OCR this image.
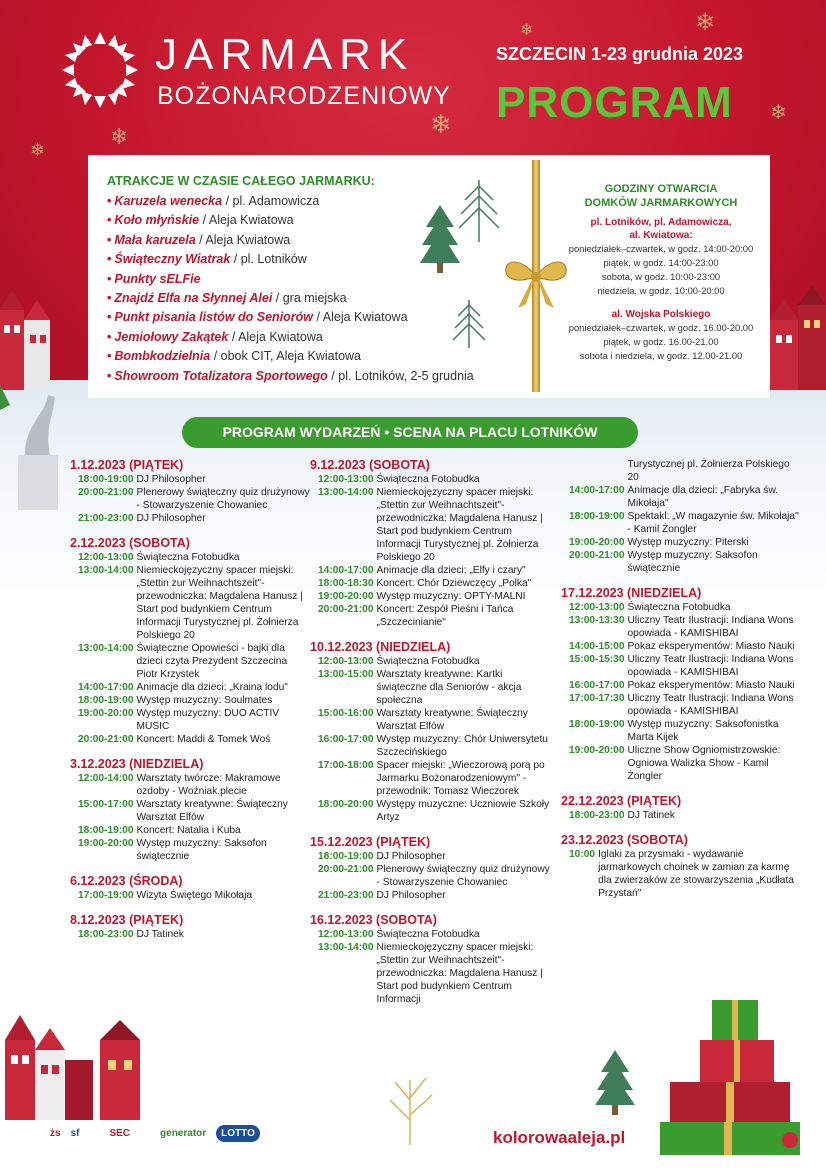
❄
❄
❄
❄
❄
❄
JARMARK
BOŻONARODZENIOWY
SZCZECIN 1-23 grudnia 2023
PROGRAM
ATRAKCJE W CZASIE CAŁEGO JARMARKU:
• Karuzela wenecka / pl. Adamowicza
• Koło młyńskie / Aleja Kwiatowa
• Mała karuzela / Aleja Kwiatowa
• Świąteczny Wiatrak / pl. Lotników
• Punkty sELFie
• Znajdź Elfa na Słynnej Alei / gra miejska
• Punkt pisania listów do Seniorów / Aleja Kwiatowa
• Jemiołowy Zakątek / Aleja Kwiatowa
• Bombkodzielnia / obok CIT, Aleja Kwiatowa
• Showroom Totalizatora Sportowego / pl. Lotników, 2-5 grudnia
GODZINY OTWARCIA
DOMKÓW JARMARKOWYCH
pl. Lotników, pl. Adamowicza,
al. Kwiatowa:
poniedziałek–czwartek, w godz. 14:00-20:00
piątek, w godz. 14:00-23:00
sobota, w godz. 10:00-23:00
niedziela, w godz. 10:00-20:00
al. Wojska Polskiego
poniedziałek–czwartek, w godz. 16.00-20.00
piątek, w godz. 16.00-21.00
sobota i niedziela, w godz. 12.00-21.00
PROGRAM WYDARZEŃ • SCENA NA PLACU LOTNIKÓW
1.12.2023 (PIĄTEK)
18:00-19:00 DJ Philosopher
20:00-21:00 Plenerowy świąteczny quiz drużynowy - Stowarzyszenie Chowaniec
21:00-23:00 DJ Philosopher
2.12.2023 (SOBOTA)
12:00-13:00 Świąteczna Fotobudka
13:00-14:00 Niemieckojęzyczny spacer miejski: „Stettin zur Weihnachtszeit"- przewodniczka: Magdalena Hanusz | Start pod budynkiem Centrum Informacji Turystycznej pl. Żołnierza Polskiego 20
13:00-14:00 Świąteczne Opowieści - bajki dla dzieci czyta Prezydent Szczecina Piotr Krzystek
14:00-17:00 Animacje dla dzieci: „Kraina lodu"
18:00-19:00 Występ muzyczny: Soulmates
19:00-20:00 Występ muzyczny: DUO ACTIV MUSIC
20:00-21:00 Koncert: Maddi & Tomek Woś
3.12.2023 (NIEDZIELA)
12:00-14:00 Warsztaty twórcze: Makramowe ozdoby - Woźniak.plecie
15:00-17:00 Warsztaty kreatywne: Świąteczny Warsztat Elfów
18:00-19:00 Koncert: Natalia i Kuba
19:00-20:00 Występ muzyczny: Saksofon świątecznie
6.12.2023 (ŚRODA)
17:00-19:00 Wizyta Świętego Mikołaja
8.12.2023 (PIĄTEK)
18:00-23:00 DJ Tatinek
9.12.2023 (SOBOTA)
12:00-13:00 Świąteczna Fotobudka
13:00-14:00 Niemieckojęzyczny spacer miejski: „Stettin zur Weihnachtszeit"- przewodniczka: Magdalena Hanusz | Start pod budynkiem Centrum Informacji Turystycznej pl. Żołnierza Polskiego 20
14:00-17:00 Animacje dla dzieci: „Elfy i czary"
18:00-18:30 Koncert: Chór Dziewczęcy „Polka"
19:00-20:00 Występ muzyczny: OPTY-MALNI
20:00-21:00 Koncert: Zespół Pieśni i Tańca „Szczecinianie"
10.12.2023 (NIEDZIELA)
12:00-13:00 Świąteczna Fotobudka
13:00-15:00 Warsztaty kreatywne: Kartki świąteczne dla Seniorów - akcja społeczna
15:00-16:00 Warsztaty kreatywne: Świąteczny Warsztat Elfów
16:00-17:00 Występ muzyczny: Chór Uniwersytetu Szczecińskiego
17:00-18:00 Spacer miejski: „Wieczorową porą po Jarmarku Bożonarodzeniowym" - przewodnik: Tomasz Wieczorek
18:00-20:00 Występy muzyczne: Uczniowie Szkoły Artyz
15.12.2023 (PIĄTEK)
18:00-19:00 DJ Philosopher
20:00-21:00 Plenerowy świąteczny quiz drużynowy - Stowarzyszenie Chowaniec
21:00-23:00 DJ Philosopher
16.12.2023 (SOBOTA)
12:00-13:00 Świąteczna Fotobudka
13:00-14:00 Niemieckojęzyczny spacer miejski: „Stettin zur Weihnachtszeit"- przewodniczka: Magdalena Hanusz | Start pod budynkiem Centrum Informacji
Turystycznej pl. Żołnierza Polskiego 20
14:00-17:00 Animacje dla dzieci: „Fabryka św. Mikołaja"
18:00-19:00 Spektakl: „W magazynie św. Mikołaja" - Kamil Żongler
19:00-20:00 Występ muzyczny: Piterski
20:00-21:00 Występ muzyczny: Saksofon świątecznie
17.12.2023 (NIEDZIELA)
12:00-13:00 Świąteczna Fotobudka
13:00-13:30 Uliczny Teatr Ilustracji: Indiana Wons opowiada - KAMISHIBAI
14:00-15:00 Pokaz eksperymentów: Miasto Nauki
15:00-15:30 Uliczny Teatr Ilustracji: Indiana Wons opowiada - KAMISHIBAI
16:00-17:00 Pokaz eksperymentów: Miasto Nauki
17:00-17:30 Uliczny Teatr Ilustracji: Indiana Wons opowiada - KAMISHIBAI
18:00-19:00 Występ muzyczny: Saksofonistka Marta Kijek
19:00-20:00 Uliczne Show Ogniomistrzowskie: Ogniowa Walizka Show - Kamil Żongler
22.12.2023 (PIĄTEK)
18:00-23:00 DJ Tatinek
23.12.2023 (SOBOTA)
10:00 Iglaki za przysmaki - wydawanie jarmarkowych choinek w zamian za karmę dla zwierzaków ze stowarzyszenia „Kudłata Przystań"
żs sf	SEC	generator	LOTTO	kolorowaaleja.pl
